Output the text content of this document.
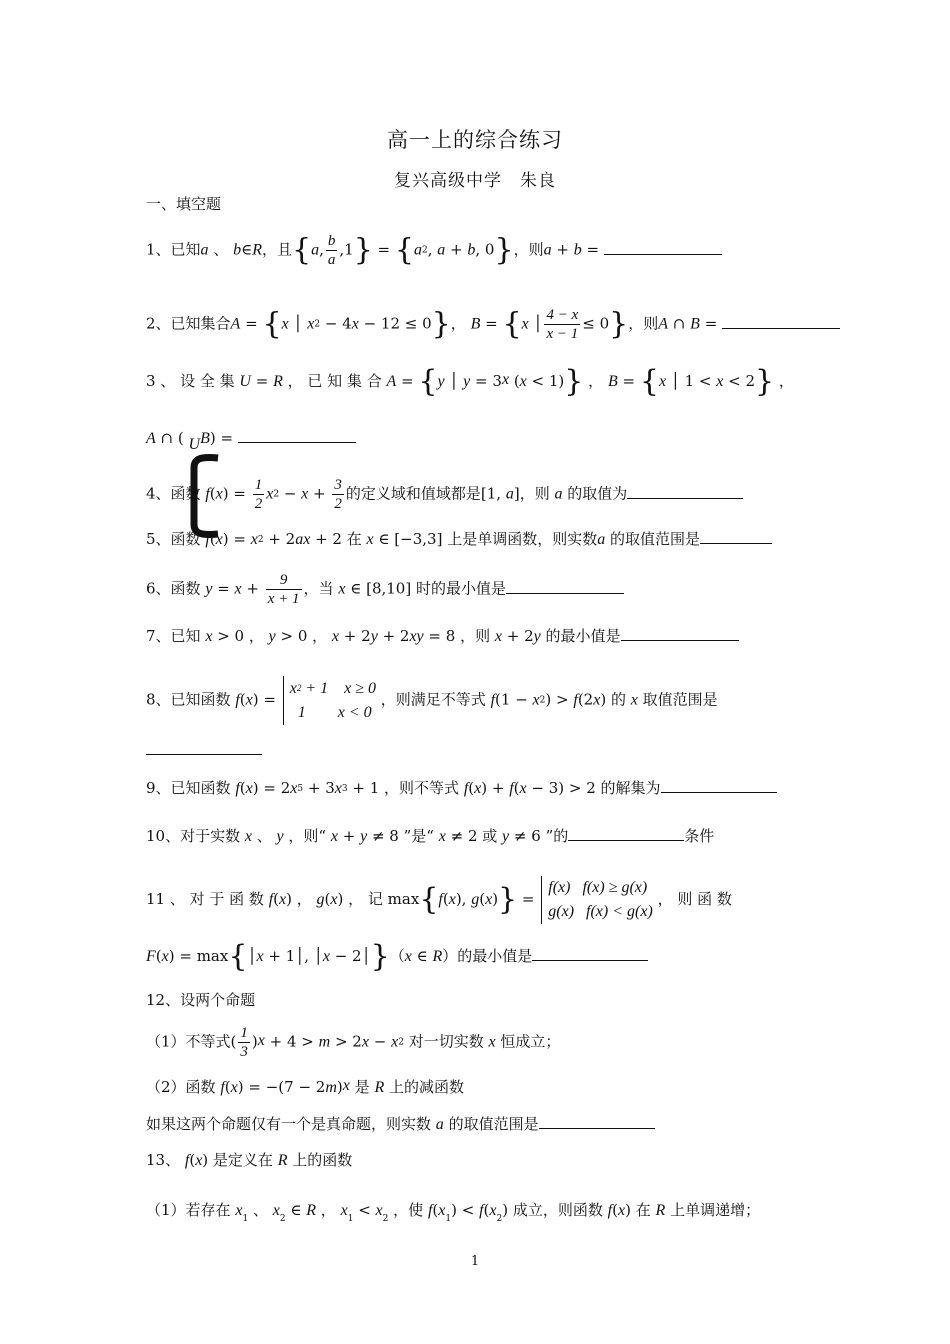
高一上的综合练习
复兴高级中学　朱良
一、填空题
1、已知a 、 b∈R，且{a, $\frac{b}{a} ,1\} = \{a^2$, a + b, 0}，则a + b =
2、已知集合A = {x │ $x^2 - 4x - 12 \le 0$}， B = {x │ $\frac{4 - x}{x - 1} \le 0$}，则A ∩ B =
3 、 设 全 集 U = R ， 已 知 集 合 A = {y │ $y = 3^x$ (x < 1)} ， B = {x │ 1 < x < 2} ，
A ∩ ( $_U$B) =
4、函数 $f(x) = \frac{1}{2} x^2 - x + \frac{3}{2}$ 的定义域和值域都是[1, a]，则 a 的取值为
5、函数 $f(x) = x^2 + 2ax + 2$ 在 x ∈ [−3,3] 上是单调函数，则实数a 的取值范围是
6、函数 $y = x + \frac{9}{x + 1}$ ，当 x ∈ [8,10] 时的最小值是
7、已知 x > 0 ， y > 0 ， x + 2y + 2xy = 8 ，则 x + 2y 的最小值是
8、已知函数 f(x) =
$x^2 + 1$    x ≥ 0
1        x < 0
，则满足不等式 $f(1 - x^2) > f(2x)$ 的 x 取值范围是
9、已知函数 $f(x) = 2x^5 + 3x^3 + 1$ ，则不等式 f(x) + f(x − 3) > 2 的解集为
10、对于实数 x 、 y ，则“ x + y ≠ 8 ”是“ x ≠ 2 或 y ≠ 6 ”的	条件
11 、 对 于 函 数 f(x) ， g(x) ， 记 max{f(x), g(x)} =
f(x)   f(x) ≥ g(x)
g(x)   f(x) < g(x)
， 则 函 数
F(x) = max{│x + 1│, │x − 2│}（x ∈ R）的最小值是
12、设两个命题
（1）不等式( $\frac{1}{3} )^x + 4 > m > 2x - x^2$ 对一切实数 x 恒成立；
（2）函数 $f(x) = -(7 - 2m)^x$ 是 R 上的减函数
如果这两个命题仅有一个是真命题，则实数 a 的取值范围是
13、 f(x) 是定义在 R 上的函数
（1）若存在 $x_1$ 、 $x_2$ ∈ R ， $x_1 < x_2$ ，使 $f(x_1) < f(x_2)$ 成立，则函数 f(x) 在 R 上单调递增；
1
